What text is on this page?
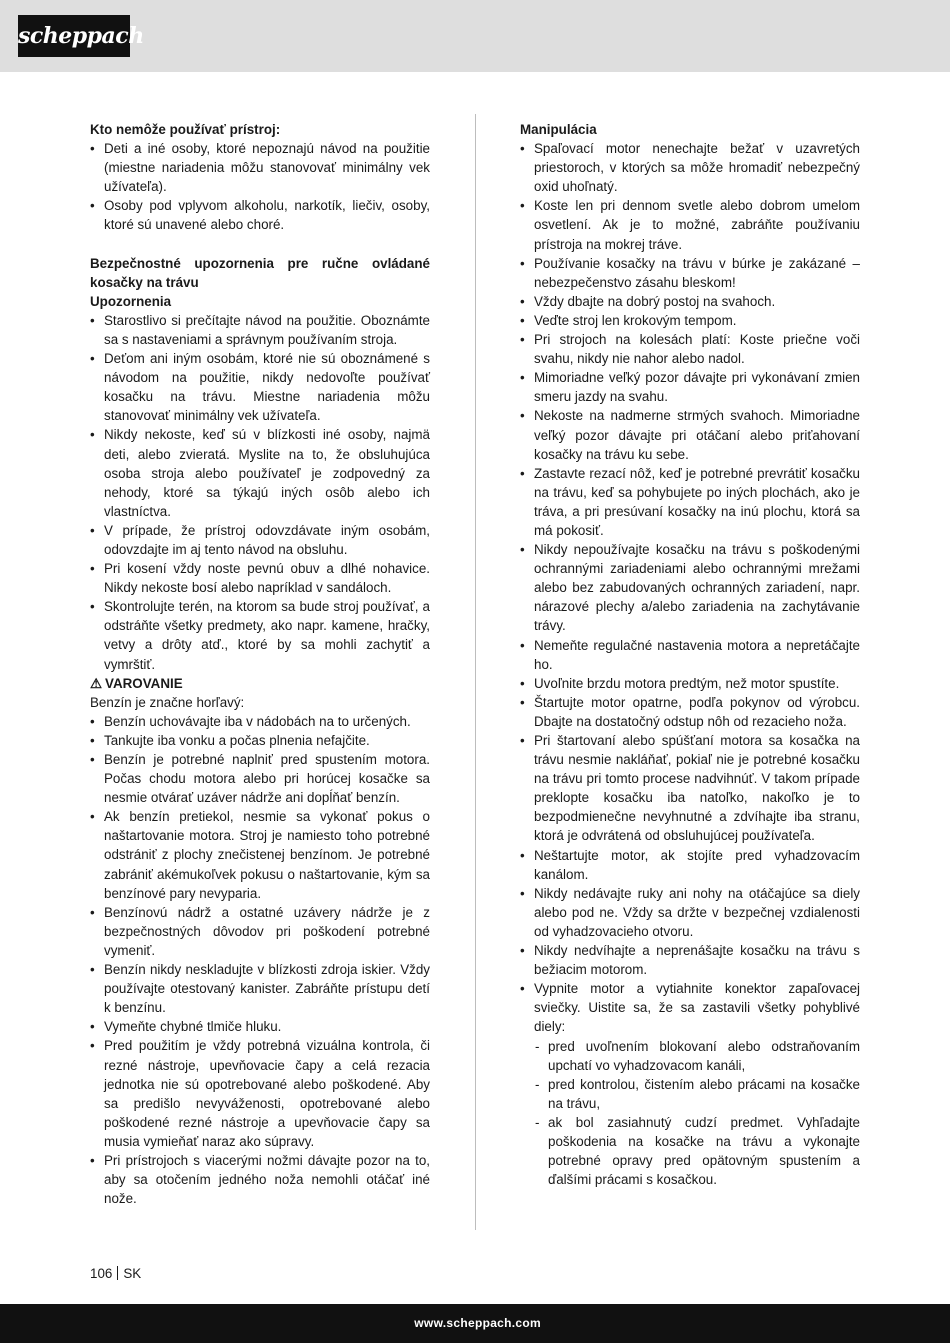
scheppach

Kto nemôže používať prístroj:

• Deti a iné osoby, ktoré nepoznajú návod na použitie (miestne nariadenia môžu stanovovať minimálny vek užívateľa).
• Osoby pod vplyvom alkoholu, narkotík, liečiv, osoby, ktoré sú unavené alebo choré.

Bezpečnostné upozornenia pre ručne ovládané kosačky na trávu

Upozornenia

• Starostlivo si prečítajte návod na použitie. Oboznámte sa s nastaveniami a správnym používaním stroja.
• Deťom ani iným osobám, ktoré nie sú oboznámené s návodom na použitie, nikdy nedovoľte používať kosačku na trávu. Miestne nariadenia môžu stanovovať minimálny vek užívateľa.
• Nikdy nekoste, keď sú v blízkosti iné osoby, najmä deti, alebo zvieratá. Myslite na to, že obsluhujúca osoba stroja alebo používateľ je zodpovedný za nehody, ktoré sa týkajú iných osôb alebo ich vlastníctva.
• V prípade, že prístroj odovzdávate iným osobám, odovzdajte im aj tento návod na obsluhu.
• Pri kosení vždy noste pevnú obuv a dlhé nohavice. Nikdy nekoste bosí alebo napríklad v sandáloch.
• Skontrolujte terén, na ktorom sa bude stroj používať, a odstráňte všetky predmety, ako napr. kamene, hračky, vetvy a drôty atď., ktoré by sa mohli zachytiť a vymrštiť.

⚠ VAROVANIE

Benzín je značne horľavý:

• Benzín uchovávajte iba v nádobách na to určených.
• Tankujte iba vonku a počas plnenia nefajčite.
• Benzín je potrebné naplniť pred spustením motora. Počas chodu motora alebo pri horúcej kosačke sa nesmie otvárať uzáver nádrže ani dopĺňať benzín.
• Ak benzín pretiekol, nesmie sa vykonať pokus o naštartovanie motora. Stroj je namiesto toho potrebné odstrániť z plochy znečistenej benzínom. Je potrebné zabrániť akémukoľvek pokusu o naštartovanie, kým sa benzínové pary nevyparia.
• Benzínovú nádrž a ostatné uzávery nádrže je z bezpečnostných dôvodov pri poškodení potrebné vymeniť.
• Benzín nikdy neskladujte v blízkosti zdroja iskier. Vždy používajte otestovaný kanister. Zabráňte prístupu detí k benzínu.
• Vymeňte chybné tlmiče hluku.
• Pred použitím je vždy potrebná vizuálna kontrola, či rezné nástroje, upevňovacie čapy a celá rezacia jednotka nie sú opotrebované alebo poškodené. Aby sa predišlo nevyváženosti, opotrebované alebo poškodené rezné nástroje a upevňovacie čapy sa musia vymieňať naraz ako súpravy.
• Pri prístrojoch s viacerými nožmi dávajte pozor na to, aby sa otočením jedného noža nemohli otáčať iné nože.

Manipulácia

• Spaľovací motor nenechajte bežať v uzavretých priestoroch, v ktorých sa môže hromadiť nebezpečný oxid uhoľnatý.
• Koste len pri dennom svetle alebo dobrom umelom osvetlení. Ak je to možné, zabráňte používaniu prístroja na mokrej tráve.
• Používanie kosačky na trávu v búrke je zakázané – nebezpečenstvo zásahu bleskom!
• Vždy dbajte na dobrý postoj na svahoch.
• Veďte stroj len krokovým tempom.
• Pri strojoch na kolesách platí: Koste priečne voči svahu, nikdy nie nahor alebo nadol.
• Mimoriadne veľký pozor dávajte pri vykonávaní zmien smeru jazdy na svahu.
• Nekoste na nadmerne strmých svahoch. Mimoriadne veľký pozor dávajte pri otáčaní alebo priťahovaní kosačky na trávu ku sebe.
• Zastavte rezací nôž, keď je potrebné prevrátiť kosačku na trávu, keď sa pohybujete po iných plochách, ako je tráva, a pri presúvaní kosačky na inú plochu, ktorá sa má pokosiť.
• Nikdy nepoužívajte kosačku na trávu s poškodenými ochrannými zariadeniami alebo ochrannými mrežami alebo bez zabudovaných ochranných zariadení, napr. nárazové plechy a/alebo zariadenia na zachytávanie trávy.
• Nemeňte regulačné nastavenia motora a nepretáčajte ho.
• Uvoľnite brzdu motora predtým, než motor spustíte.
• Štartujte motor opatrne, podľa pokynov od výrobcu. Dbajte na dostatočný odstup nôh od rezacieho noža.
• Pri štartovaní alebo spúšťaní motora sa kosačka na trávu nesmie nakláňať, pokiaľ nie je potrebné kosačku na trávu pri tomto procese nadvihnúť. V takom prípade preklopte kosačku iba natoľko, nakoľko je to bezpodmienečne nevyhnutné a zdvíhajte iba stranu, ktorá je odvrátená od obsluhujúcej používateľa.
• Neštartujte motor, ak stojíte pred vyhadzovacím kanálom.
• Nikdy nedávajte ruky ani nohy na otáčajúce sa diely alebo pod ne. Vždy sa držte v bezpečnej vzdialenosti od vyhadzovacieho otvoru.
• Nikdy nedvíhajte a neprenášajte kosačku na trávu s bežiacim motorom.
• Vypnite motor a vytiahnite konektor zapaľovacej sviečky. Uistite sa, že sa zastavili všetky pohyblivé diely:
- pred uvoľnením blokovaní alebo odstraňovaním upchatí vo vyhadzovacom kanáli,
- pred kontrolou, čistením alebo prácami na kosačke na trávu,
- ak bol zasiahnutý cudzí predmet. Vyhľadajte poškodenia na kosačke na trávu a vykonajte potrebné opravy pred opätovným spustením a ďalšími prácami s kosačkou.
106 SK
www.scheppach.com
